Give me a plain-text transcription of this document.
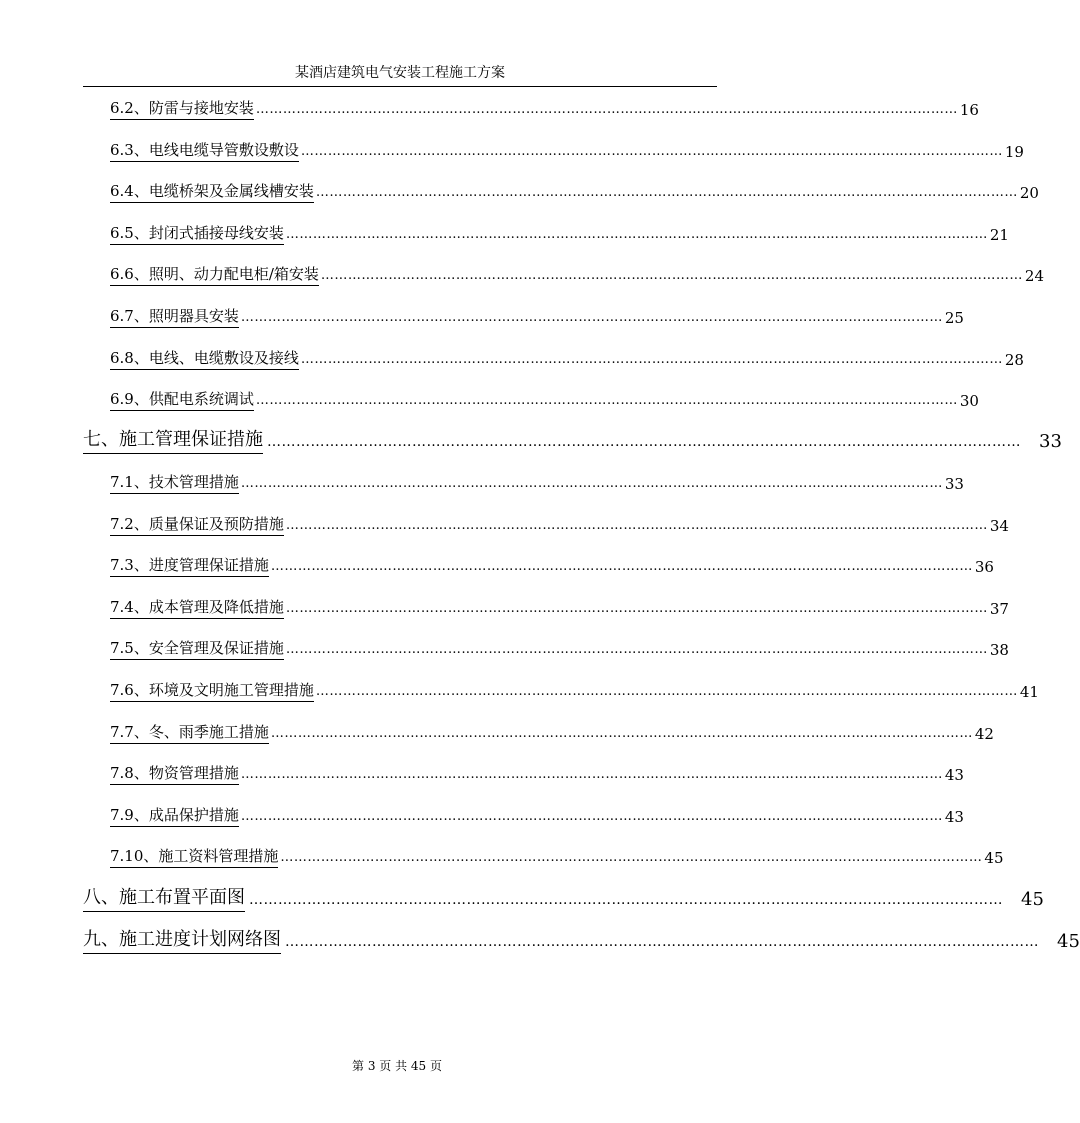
某酒店建筑电气安装工程施工方案
6.2、防雷与接地安装 ………………………………………………………………………………………………………………………………………… 16
6.3、电线电缆导管敷设敷设 ………………………………………………………………………………………………………………………………………… 19
6.4、电缆桥架及金属线槽安装 ………………………………………………………………………………………………………………………………………… 20
6.5、封闭式插接母线安装 ………………………………………………………………………………………………………………………………………… 21
6.6、照明、动力配电柜/箱安装 ………………………………………………………………………………………………………………………………………… 24
6.7、照明器具安装 ………………………………………………………………………………………………………………………………………… 25
6.8、电线、电缆敷设及接线 ………………………………………………………………………………………………………………………………………… 28
6.9、供配电系统调试 ………………………………………………………………………………………………………………………………………… 30
七、施工管理保证措施 ………………………………………………………………………………………………………………………………………… 33
7.1、技术管理措施 ………………………………………………………………………………………………………………………………………… 33
7.2、质量保证及预防措施 ………………………………………………………………………………………………………………………………………… 34
7.3、进度管理保证措施 ………………………………………………………………………………………………………………………………………… 36
7.4、成本管理及降低措施 ………………………………………………………………………………………………………………………………………… 37
7.5、安全管理及保证措施 ………………………………………………………………………………………………………………………………………… 38
7.6、环境及文明施工管理措施 ………………………………………………………………………………………………………………………………………… 41
7.7、冬、雨季施工措施 ………………………………………………………………………………………………………………………………………… 42
7.8、物资管理措施 ………………………………………………………………………………………………………………………………………… 43
7.9、成品保护措施 ………………………………………………………………………………………………………………………………………… 43
7.10、施工资料管理措施 ………………………………………………………………………………………………………………………………………… 45
八、施工布置平面图 ………………………………………………………………………………………………………………………………………… 45
九、施工进度计划网络图 ………………………………………………………………………………………………………………………………………… 45
第 3 页 共 45 页
